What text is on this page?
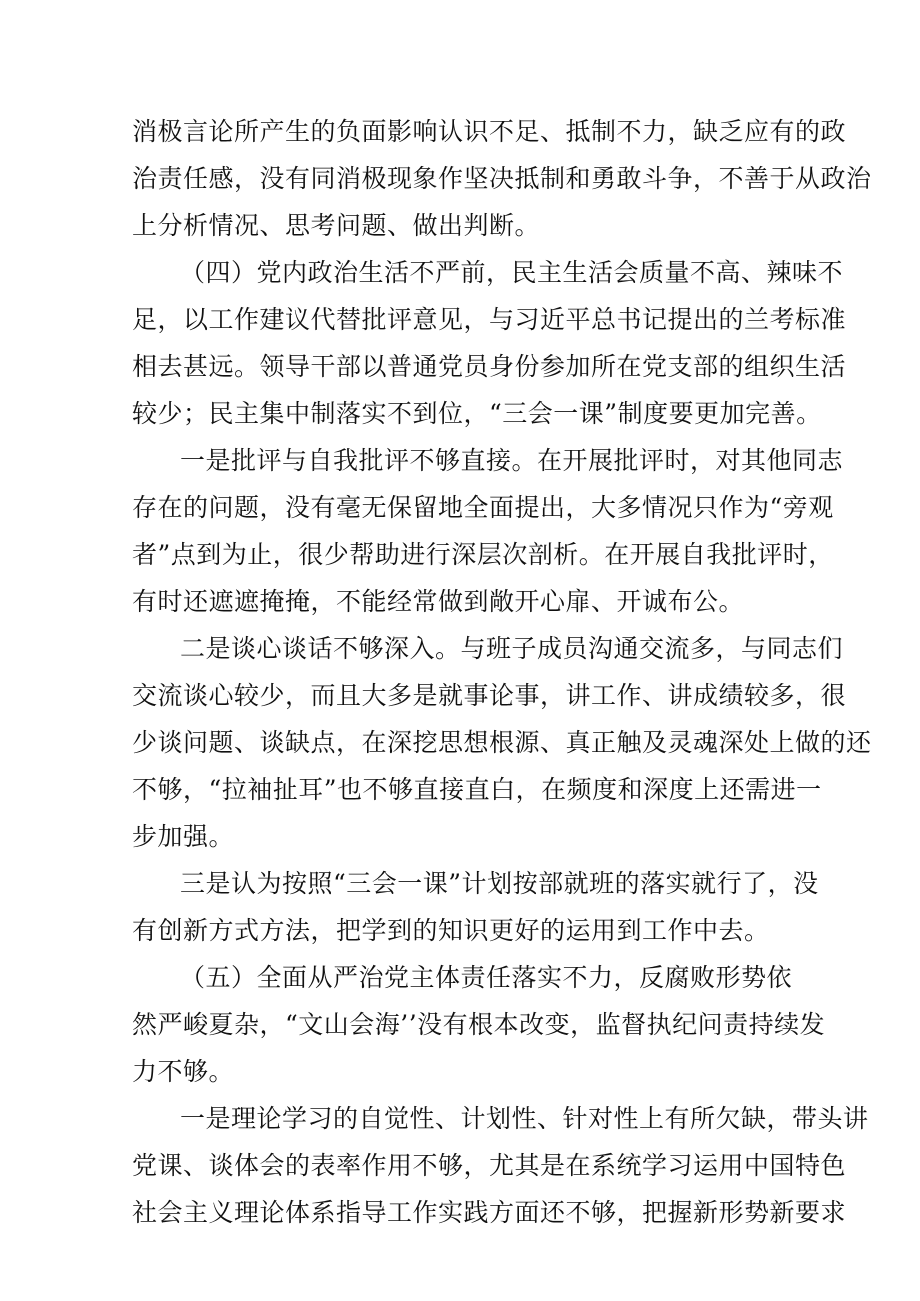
消极言论所产生的负面影响认识不足、抵制不力，缺乏应有的政
治责任感，没有同消极现象作坚决抵制和勇敢斗争，不善于从政治
上分析情况、思考问题、做出判断。
（四）党内政治生活不严前，民主生活会质量不高、辣味不
足，以工作建议代替批评意见，与习近平总书记提出的兰考标准
相去甚远。领导干部以普通党员身份参加所在党支部的组织生活
较少；民主集中制落实不到位，“三会一课”制度要更加完善。
一是批评与自我批评不够直接。在开展批评时，对其他同志
存在的问题，没有毫无保留地全面提出，大多情况只作为“旁观
者”点到为止，很少帮助进行深层次剖析。在开展自我批评时，
有时还遮遮掩掩，不能经常做到敞开心扉、开诚布公。
二是谈心谈话不够深入。与班子成员沟通交流多，与同志们
交流谈心较少，而且大多是就事论事，讲工作、讲成绩较多，很
少谈问题、谈缺点，在深挖思想根源、真正触及灵魂深处上做的还
不够，“拉袖扯耳”也不够直接直白，在频度和深度上还需进一
步加强。
三是认为按照“三会一课”计划按部就班的落实就行了，没
有创新方式方法，把学到的知识更好的运用到工作中去。
（五）全面从严治党主体责任落实不力，反腐败形势依
然严峻夏杂，“文山会海’’没有根本改变，监督执纪问责持续发
力不够。
一是理论学习的自觉性、计划性、针对性上有所欠缺，带头讲
党课、谈体会的表率作用不够，尤其是在系统学习运用中国特色
社会主义理论体系指导工作实践方面还不够，把握新形势新要求
